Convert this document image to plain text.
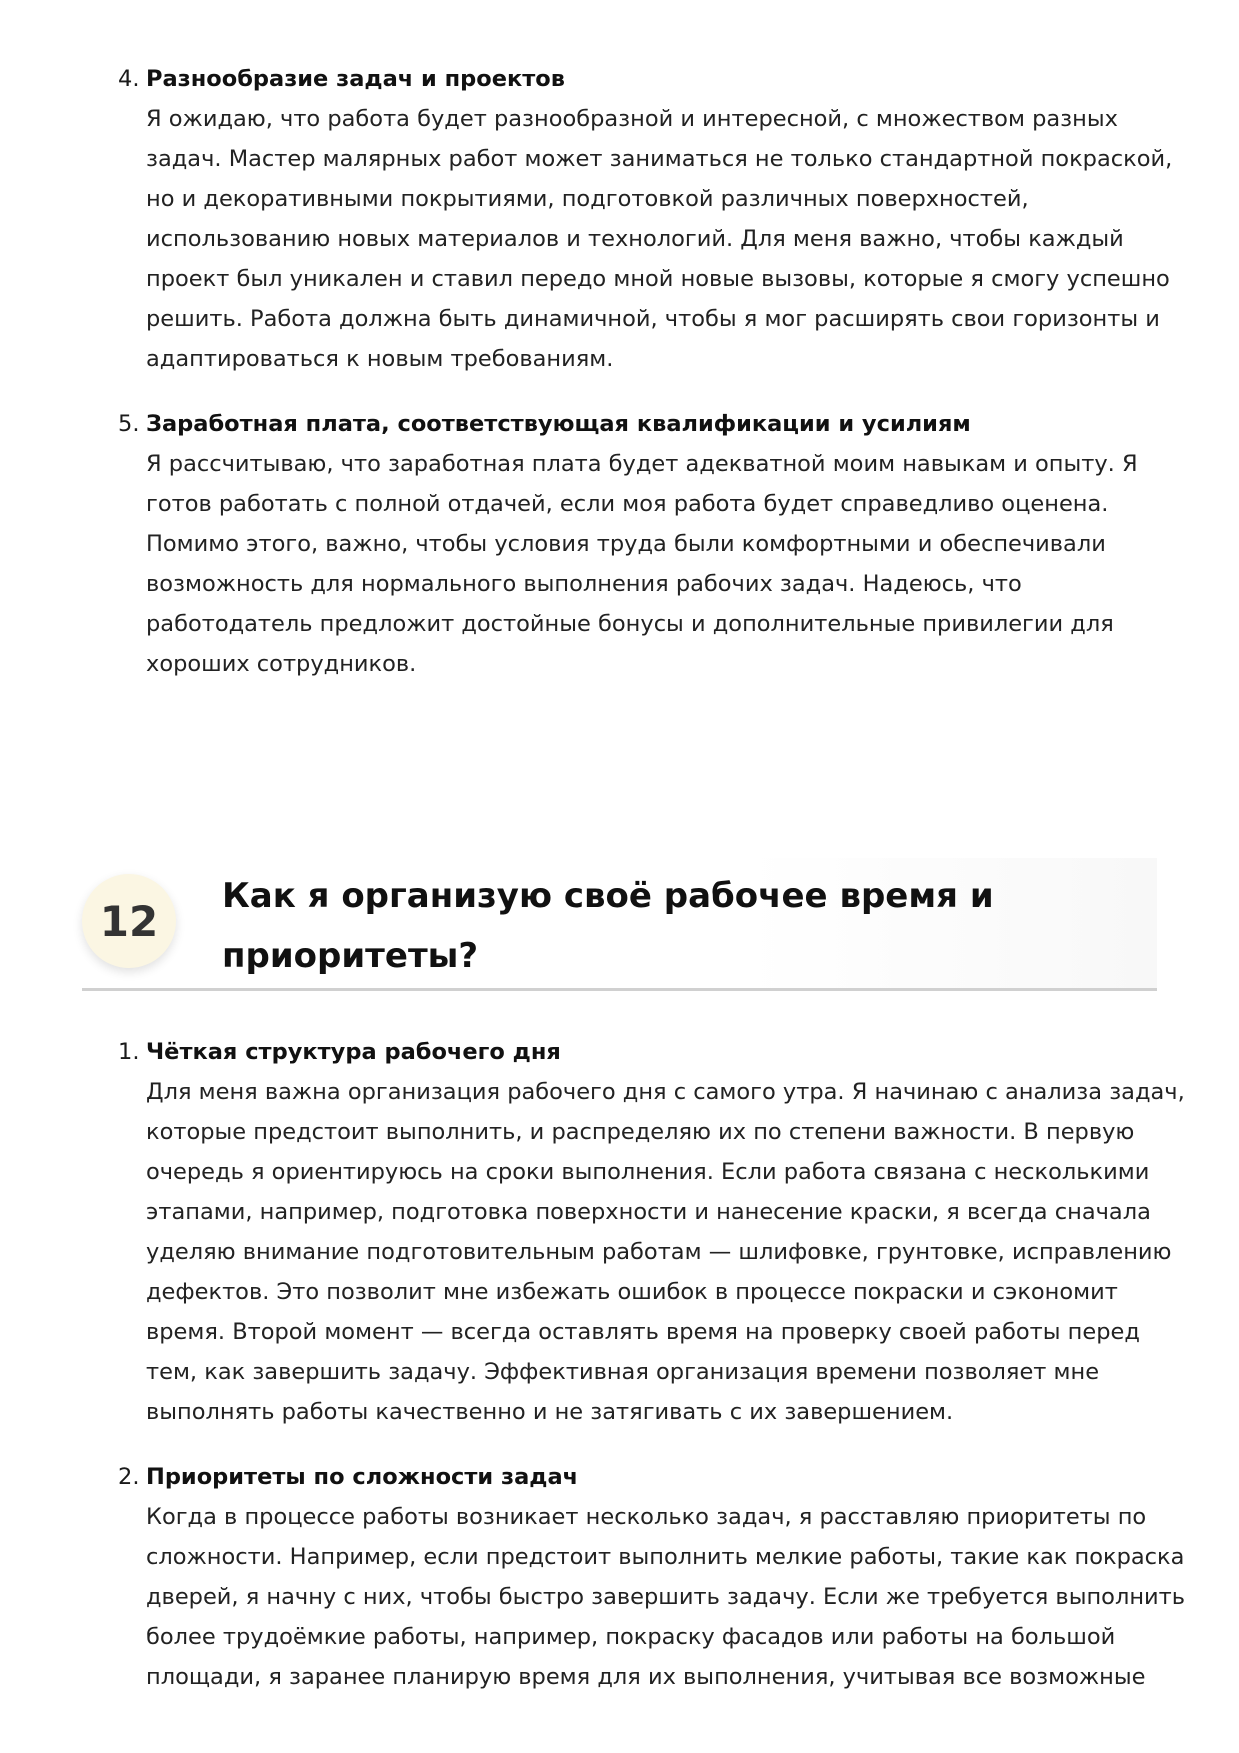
4. Разнообразие задач и проектов
Я ожидаю, что работа будет разнообразной и интересной, с множеством разных
задач. Мастер малярных работ может заниматься не только стандартной покраской,
но и декоративными покрытиями, подготовкой различных поверхностей,
использованию новых материалов и технологий. Для меня важно, чтобы каждый
проект был уникален и ставил передо мной новые вызовы, которые я смогу успешно
решить. Работа должна быть динамичной, чтобы я мог расширять свои горизонты и
адаптироваться к новым требованиям.
5. Заработная плата, соответствующая квалификации и усилиям
Я рассчитываю, что заработная плата будет адекватной моим навыкам и опыту. Я
готов работать с полной отдачей, если моя работа будет справедливо оценена.
Помимо этого, важно, чтобы условия труда были комфортными и обеспечивали
возможность для нормального выполнения рабочих задач. Надеюсь, что
работодатель предложит достойные бонусы и дополнительные привилегии для
хороших сотрудников.
12
Как я организую своё рабочее время и
приоритеты?
1. Чёткая структура рабочего дня
Для меня важна организация рабочего дня с самого утра. Я начинаю с анализа задач,
которые предстоит выполнить, и распределяю их по степени важности. В первую
очередь я ориентируюсь на сроки выполнения. Если работа связана с несколькими
этапами, например, подготовка поверхности и нанесение краски, я всегда сначала
уделяю внимание подготовительным работам — шлифовке, грунтовке, исправлению
дефектов. Это позволит мне избежать ошибок в процессе покраски и сэкономит
время. Второй момент — всегда оставлять время на проверку своей работы перед
тем, как завершить задачу. Эффективная организация времени позволяет мне
выполнять работы качественно и не затягивать с их завершением.
2. Приоритеты по сложности задач
Когда в процессе работы возникает несколько задач, я расставляю приоритеты по
сложности. Например, если предстоит выполнить мелкие работы, такие как покраска
дверей, я начну с них, чтобы быстро завершить задачу. Если же требуется выполнить
более трудоёмкие работы, например, покраску фасадов или работы на большой
площади, я заранее планирую время для их выполнения, учитывая все возможные
